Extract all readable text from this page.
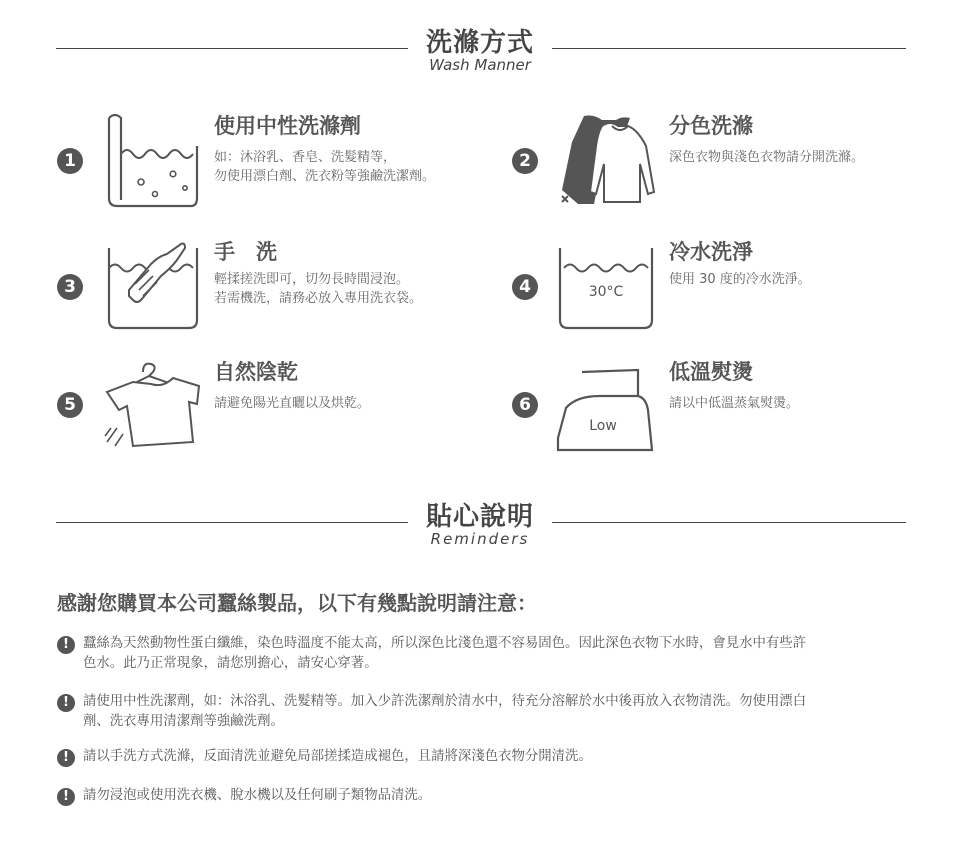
洗滌方式
Wash Manner
1
使用中性洗滌劑
如：沐浴乳、香皂、洗髮精等，
勿使用漂白劑、洗衣粉等強鹼洗潔劑。
2
分色洗滌
深色衣物與淺色衣物請分開洗滌。
3
手　洗
輕揉搓洗即可，切勿長時間浸泡。
若需機洗，請務必放入專用洗衣袋。
4	30°C
冷水洗淨
使用 30 度的冷水洗淨。
5
自然陰乾
請避免陽光直曬以及烘乾。	6
Low
低溫熨燙
請以中低溫蒸氣熨燙。
貼心說明
Reminders
感謝您購買本公司蠶絲製品，以下有幾點說明請注意：
!	蠶絲為天然動物性蛋白纖維，染色時溫度不能太高，所以深色比淺色還不容易固色。因此深色衣物下水時，會見水中有些許
色水。此乃正常現象，請您別擔心，請安心穿著。
!	請使用中性洗潔劑，如：沐浴乳、洗髮精等。加入少許洗潔劑於清水中，待充分溶解於水中後再放入衣物清洗。勿使用漂白
劑、洗衣專用清潔劑等強鹼洗劑。
!	請以手洗方式洗滌，反面清洗並避免局部搓揉造成褪色，且請將深淺色衣物分開清洗。
!	請勿浸泡或使用洗衣機、脫水機以及任何刷子類物品清洗。
